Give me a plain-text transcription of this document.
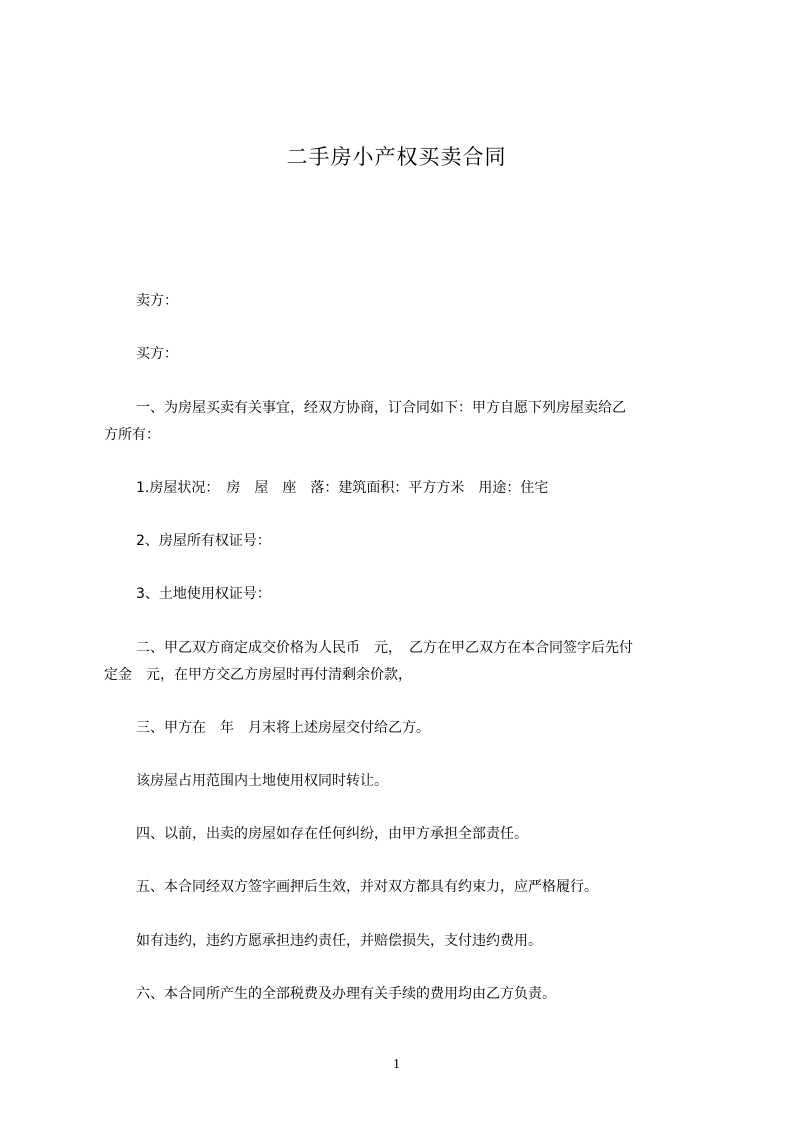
二手房小产权买卖合同
卖方：
买方：
一、为房屋买卖有关事宜，经双方协商，订合同如下：甲方自愿下列房屋卖给乙
方所有：
1.房屋状况：　房　屋　座　落：建筑面积：平方方米　用途：住宅
2、房屋所有权证号：
3、土地使用权证号：
二、甲乙双方商定成交价格为人民币　元，　乙方在甲乙双方在本合同签字后先付
定金　元，在甲方交乙方房屋时再付清剩余价款，
三、甲方在　年　月末将上述房屋交付给乙方。
该房屋占用范围内土地使用权同时转让。
四、以前，出卖的房屋如存在任何纠纷，由甲方承担全部责任。
五、本合同经双方签字画押后生效，并对双方都具有约束力，应严格履行。
如有违约，违约方愿承担违约责任，并赔偿损失，支付违约费用。
六、本合同所产生的全部税费及办理有关手续的费用均由乙方负责。
1
